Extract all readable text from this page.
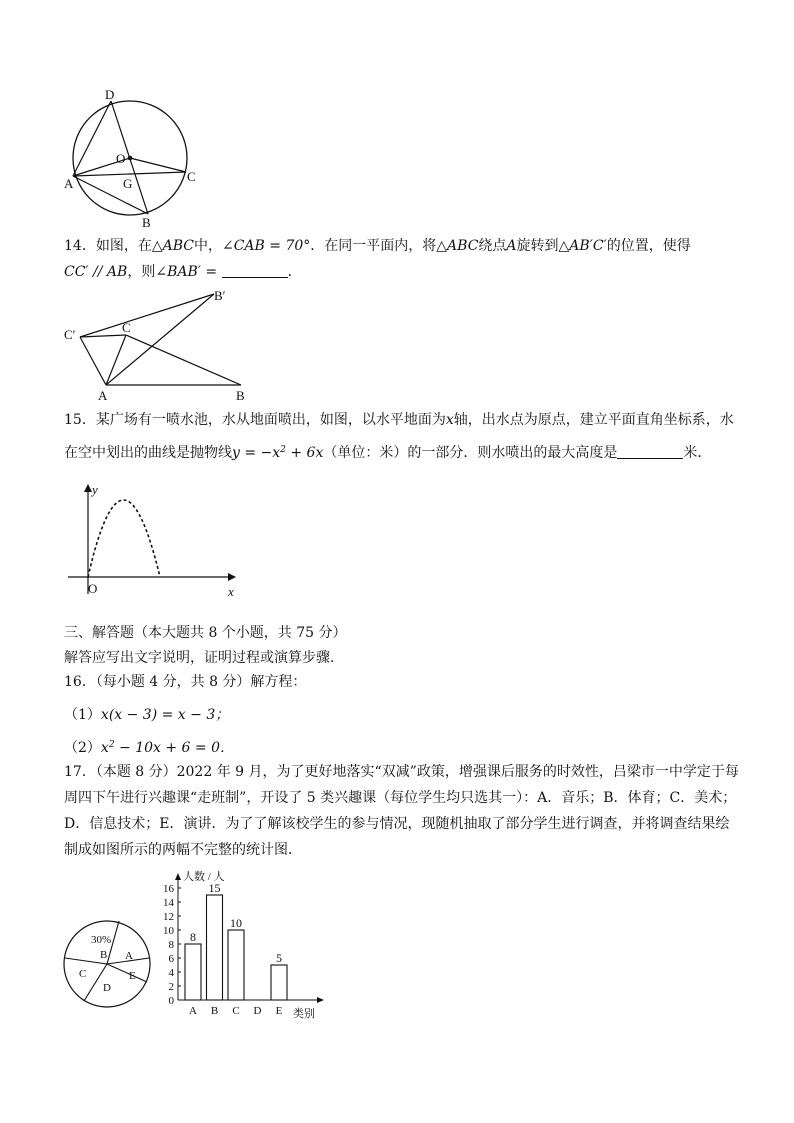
D
O
C
A	G
B
14．如图，在△ABC中，∠CAB = 70°．在同一平面内，将△ABC绕点A旋转到△AB′C′的位置，使得
CC′ // AB，则∠BAB′ =	．
B′
C′	C
A	B
15．某广场有一喷水池，水从地面喷出，如图，以水平地面为x轴，出水点为原点，建立平面直角坐标系，水
在空中划出的曲线是抛物线$y = -x^2 + 6x$（单位：米）的一部分．则水喷出的最大高度是	米．
y
O	x
三、解答题（本大题共 8 个小题，共 75 分）
解答应写出文字说明，证明过程或演算步骤．
16．（每小题 4 分，共 8 分）解方程：
（1）x(x − 3) = x − 3；
$(2)x^2 - 10x + 6 = 0$．
17．（本题 8 分）2022 年 9 月，为了更好地落实“双减”政策，增强课后服务的时效性，吕梁市一中学定于每
周四下午进行兴趣课“走班制”，开设了 5 类兴趣课（每位学生均只选其一）：A．音乐；B．体育；C．美术；
D．信息技术；E．演讲．为了了解该校学生的参与情况，现随机抽取了部分学生进行调查，并将调查结果绘
制成如图所示的两幅不完整的统计图．
30%
B A
C	E
D
人数 / 人
类别
0
2
4
6
8
10
12
14
16
A
8
B
15
C
10
D E
5
